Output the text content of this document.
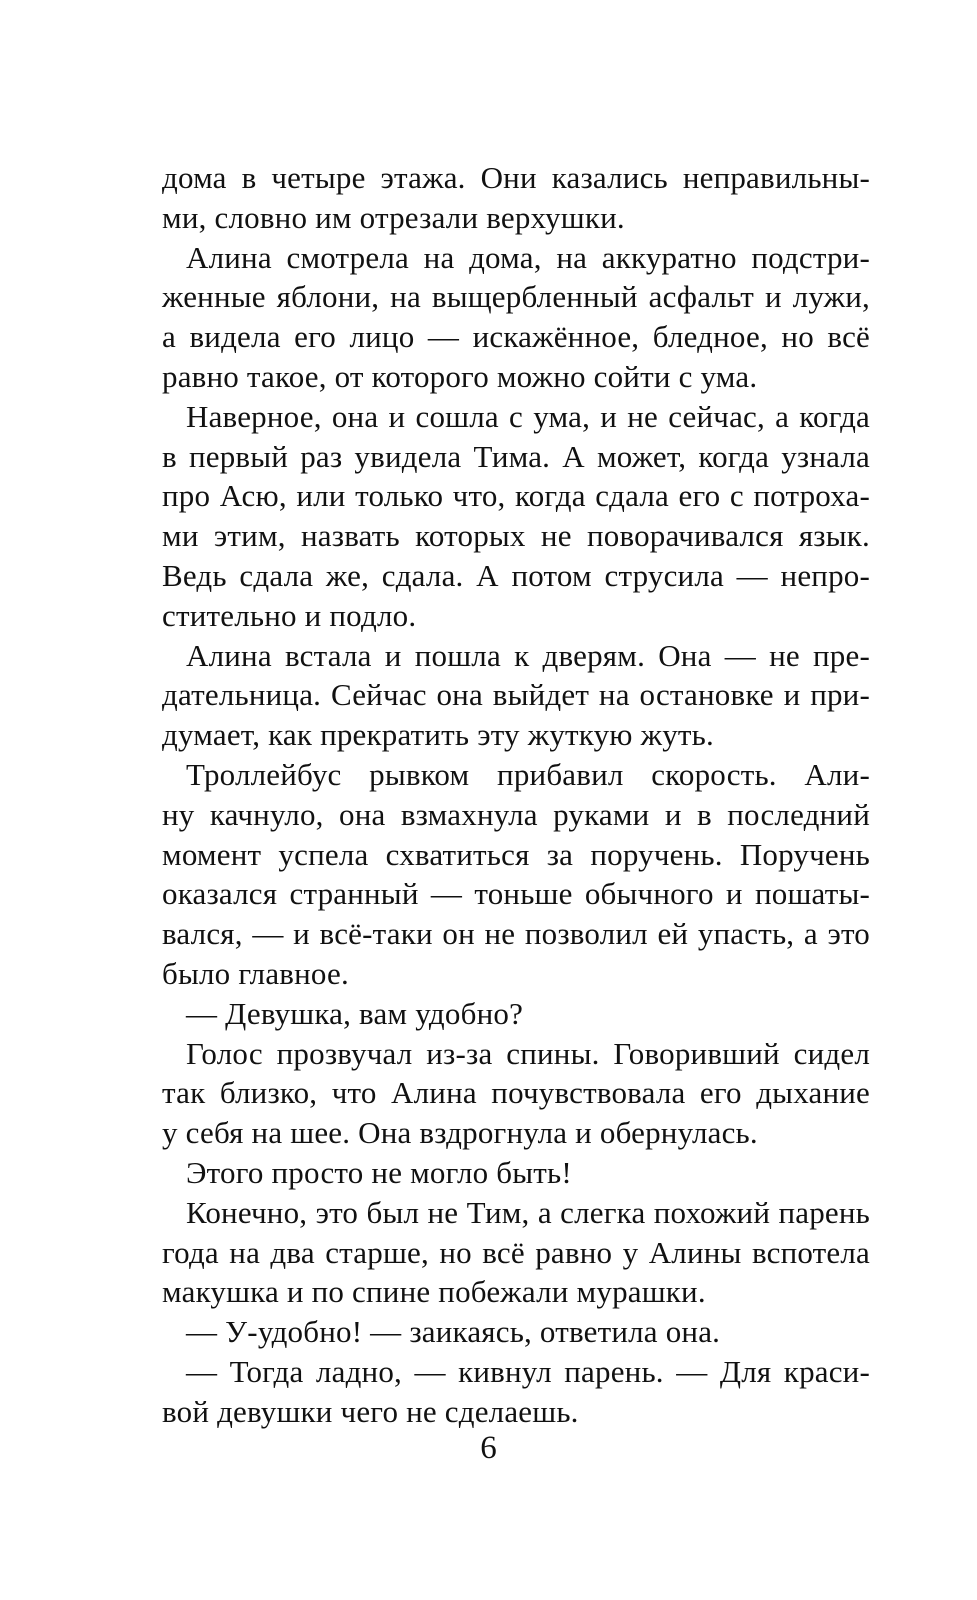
дома в четыре этажа. Они казались неправильны-
ми, словно им отрезали верхушки.
Алина смотрела на дома, на аккуратно подстри-
женные яблони, на выщербленный асфальт и лужи,
а видела его лицо — искажённое, бледное, но всё
равно такое, от которого можно сойти с ума.
Наверное, она и сошла с ума, и не сейчас, а когда
в первый раз увидела Тима. А может, когда узнала
про Асю, или только что, когда сдала его с потроха-
ми этим, назвать которых не поворачивался язык.
Ведь сдала же, сдала. А потом струсила — непро-
стительно и подло.
Алина встала и пошла к дверям. Она — не пре-
дательница. Сейчас она выйдет на остановке и при-
думает, как прекратить эту жуткую жуть.
Троллейбус рывком прибавил скорость. Али-
ну качнуло, она взмахнула руками и в последний
момент успела схватиться за поручень. Поручень
оказался странный — тоньше обычного и пошаты-
вался, — и всё-таки он не позволил ей упасть, а это
было главное.
— Девушка, вам удобно?
Голос прозвучал из-за спины. Говоривший сидел
так близко, что Алина почувствовала его дыхание
у себя на шее. Она вздрогнула и обернулась.
Этого просто не могло быть!
Конечно, это был не Тим, а слегка похожий парень
года на два старше, но всё равно у Алины вспотела
макушка и по спине побежали мурашки.
— У-удобно! — заикаясь, ответила она.
— Тогда ладно, — кивнул парень. — Для краси-
вой девушки чего не сделаешь.
6
